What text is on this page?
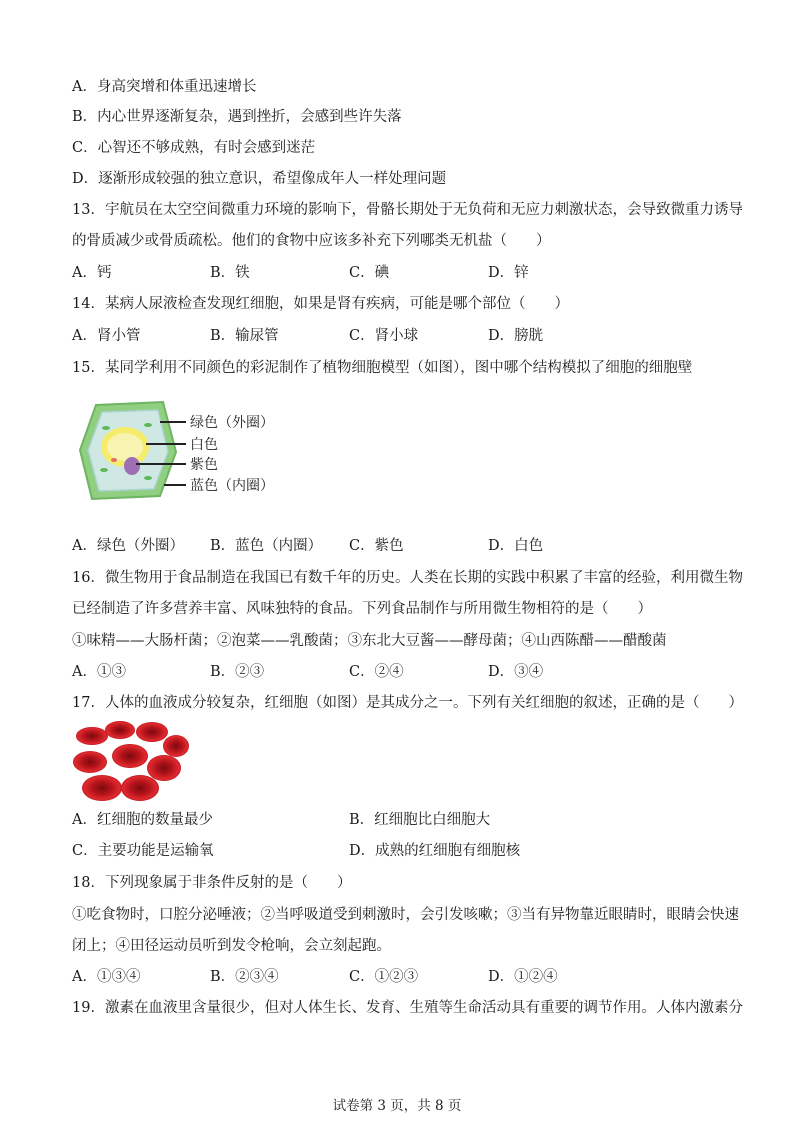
A．身高突增和体重迅速增长
B．内心世界逐渐复杂，遇到挫折，会感到些许失落
C．心智还不够成熟，有时会感到迷茫
D．逐渐形成较强的独立意识，希望像成年人一样处理问题
13．宇航员在太空空间微重力环境的影响下，骨骼长期处于无负荷和无应力刺激状态，会导致微重力诱导
的骨质减少或骨质疏松。他们的食物中应该多补充下列哪类无机盐（　　）
A．钙	B．铁	C．碘	D．锌
14．某病人尿液检查发现红细胞，如果是肾有疾病，可能是哪个部位（　　）
A．肾小管	B．输尿管	C．肾小球	D．膀胱
15．某同学利用不同颜色的彩泥制作了植物细胞模型（如图），图中哪个结构模拟了细胞的细胞壁
绿色（外圈）
白色
紫色
蓝色（内圈）
A．绿色（外圈） B．蓝色（内圈） C．紫色	D．白色
16．微生物用于食品制造在我国已有数千年的历史。人类在长期的实践中积累了丰富的经验，利用微生物
已经制造了许多营养丰富、风味独特的食品。下列食品制作与所用微生物相符的是（　　）
①味精——大肠杆菌；②泡菜——乳酸菌；③东北大豆酱——酵母菌；④山西陈醋——醋酸菌
A．①③	B．②③	C．②④	D．③④
17．人体的血液成分较复杂，红细胞（如图）是其成分之一。下列有关红细胞的叙述，正确的是（　　）
A．红细胞的数量最少	B．红细胞比白细胞大
C．主要功能是运输氧	D．成熟的红细胞有细胞核
18．下列现象属于非条件反射的是（　　）
①吃食物时，口腔分泌唾液；②当呼吸道受到刺激时，会引发咳嗽；③当有异物靠近眼睛时，眼睛会快速
闭上；④田径运动员听到发令枪响，会立刻起跑。
A．①③④	B．②③④	C．①②③	D．①②④
19．激素在血液里含量很少，但对人体生长、发育、生殖等生命活动具有重要的调节作用。人体内激素分
试卷第 3 页，共 8 页
